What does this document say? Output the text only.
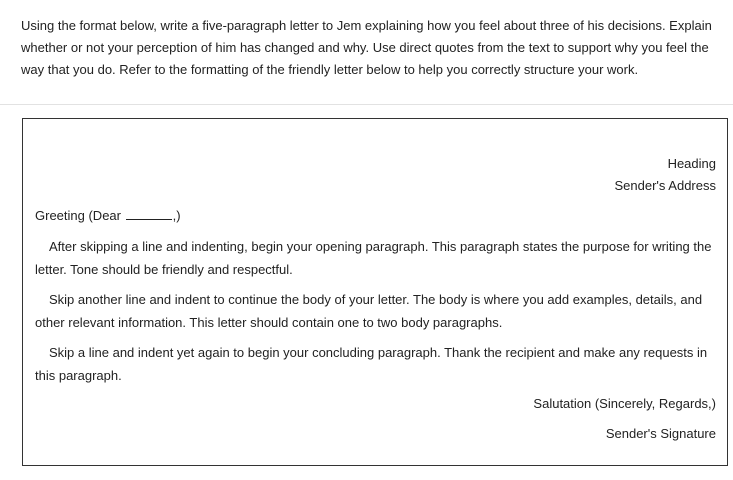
Using the format below, write a five-paragraph letter to Jem explaining how you feel about three of his decisions. Explain whether or not your perception of him has changed and why. Use direct quotes from the text to support why you feel the way that you do. Refer to the formatting of the friendly letter below to help you correctly structure your work.

Heading
Sender's Address
Greeting (Dear	,)

After skipping a line and indenting, begin your opening paragraph. This paragraph states the purpose for writing the letter. Tone should be friendly and respectful.

Skip another line and indent to continue the body of your letter. The body is where you add examples, details, and other relevant information. This letter should contain one to two body paragraphs.

Skip a line and indent yet again to begin your concluding paragraph. Thank the recipient and make any requests in this paragraph.

Salutation (Sincerely, Regards,)
Sender's Signature
